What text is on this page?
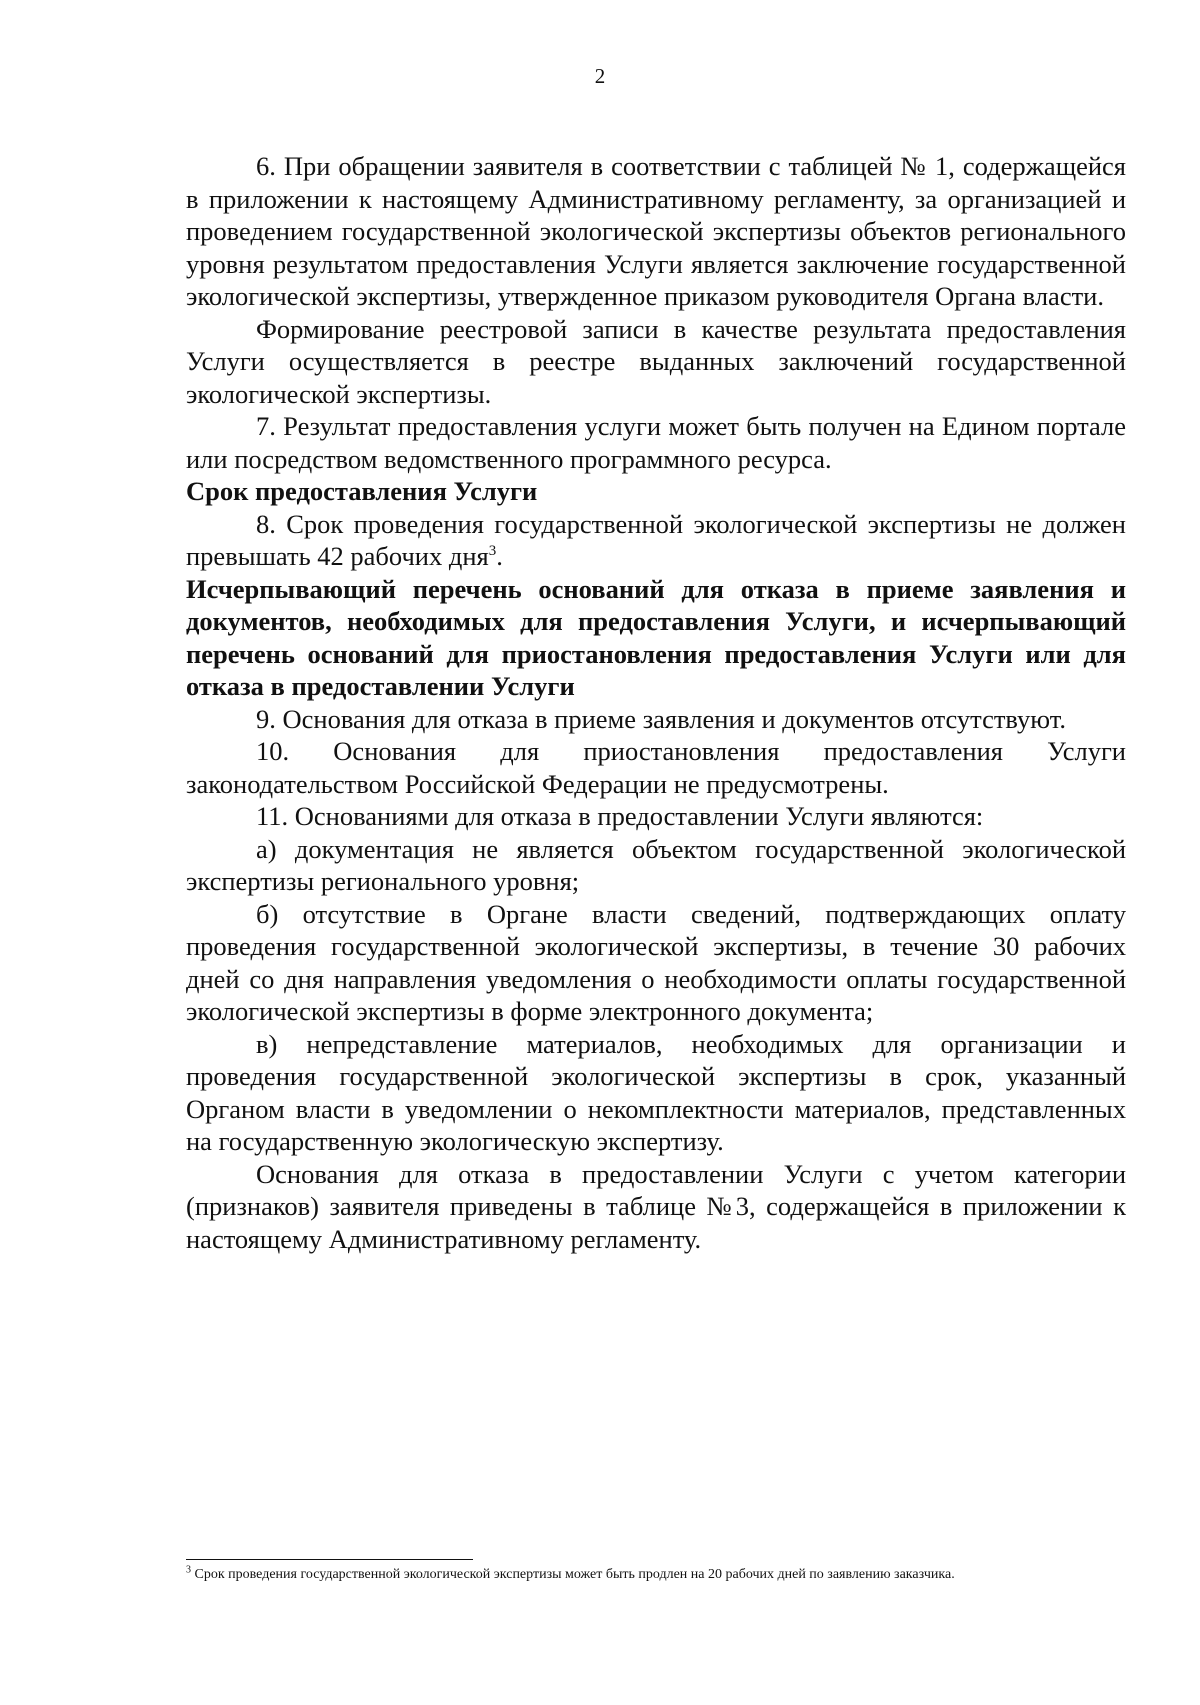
2

6. При обращении заявителя в соответствии с таблицей № 1, содержащейся в приложении к настоящему Административному регламенту, за организацией и проведением государственной экологической экспертизы объектов регионального уровня результатом предоставления Услуги является заключение государственной экологической экспертизы, утвержденное приказом руководителя Органа власти.

Формирование реестровой записи в качестве результата предоставления Услуги осуществляется в реестре выданных заключений государственной экологической экспертизы.

7. Результат предоставления услуги может быть получен на Едином портале или посредством ведомственного программного ресурса.

Срок предоставления Услуги

8. Срок проведения государственной экологической экспертизы не должен превышать 42 рабочих дня$^3$.

Исчерпывающий перечень оснований для отказа в приеме заявления и документов, необходимых для предоставления Услуги, и исчерпывающий перечень оснований для приостановления предоставления Услуги или для отказа в предоставлении Услуги

9. Основания для отказа в приеме заявления и документов отсутствуют.

10. Основания для приостановления предоставления Услуги законодательством Российской Федерации не предусмотрены.

11. Основаниями для отказа в предоставлении Услуги являются:

а) документация не является объектом государственной экологической экспертизы регионального уровня;

б) отсутствие в Органе власти сведений, подтверждающих оплату проведения государственной экологической экспертизы, в течение 30 рабочих дней со дня направления уведомления о необходимости оплаты государственной экологической экспертизы в форме электронного документа;

в) непредставление материалов, необходимых для организации и проведения государственной экологической экспертизы в срок, указанный Органом власти в уведомлении о некомплектности материалов, представленных на государственную экологическую экспертизу.

Основания для отказа в предоставлении Услуги с учетом категории (признаков) заявителя приведены в таблице №3, содержащейся в приложении к настоящему Административному регламенту.

$^3$ Срок проведения государственной экологической экспертизы может быть продлен на 20 рабочих дней по заявлению заказчика.
